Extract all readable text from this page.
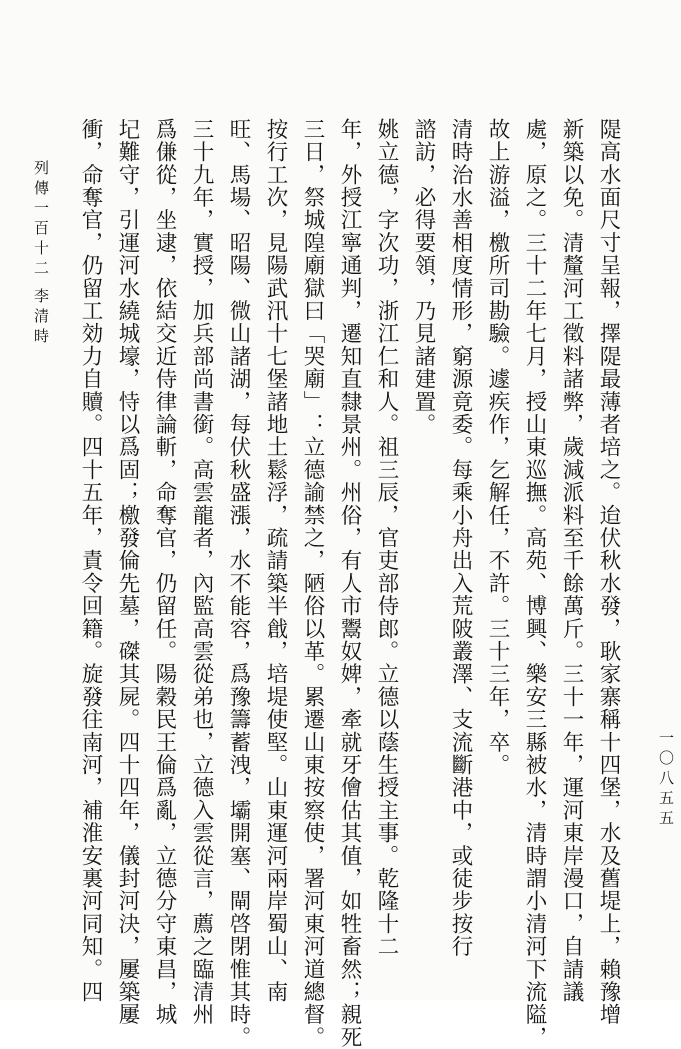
隄高水面尺寸呈報，擇隄最薄者培之。迨伏秋水發，耿家寨稱十四堡，水及舊堤上，賴豫增

新築以免。清釐河工徵料諸弊，歲減派料至千餘萬斤。三十一年，運河東岸漫口，自請議

處，原之。三十二年七月，授山東巡撫。高苑、博興、樂安三縣被水，清時謂小清河下流隘，

故上游溢，檄所司勘驗。遽疾作，乞解任，不許。三十三年，卒。

清時治水善相度情形，窮源竟委。每乘小舟出入荒陂叢澤、支流斷港中，或徒步按行

諮訪，必得要領，乃見諸建置。

姚立德，字次功，浙江仁和人。祖三辰，官吏部侍郎。立德以蔭生授主事。乾隆十二

年，外授江寧通判，遷知直隸景州。州俗，有人市鬻奴婢，牽就牙儈估其值，如牲畜然；親死

三日，祭城隍廟獄曰「哭廟」：立德諭禁之，陋俗以革。累遷山東按察使，署河東河道總督。

按行工次，見陽武汛十七堡諸地土鬆浮，疏請築半戧，培堤使堅。山東運河兩岸蜀山、南

旺、馬場、昭陽、微山諸湖，每伏秋盛漲，水不能容，爲豫籌蓄洩，壩開塞、閘啓閉惟其時。

三十九年，實授，加兵部尚書銜。高雲龍者，內監高雲從弟也，立德入雲從言，薦之臨清州

爲傔從，坐逮，依結交近侍律論斬，命奪官，仍留任。陽穀民王倫爲亂，立德分守東昌，城

圮難守，引運河水繞城壕，恃以爲固；檄發倫先墓，磔其屍。四十四年，儀封河決，屢築屢

衝，命奪官，仍留工効力自贖。四十五年，責令回籍。旋發往南河，補淮安裏河同知。四

列傳一百十二

李清時

一〇八五五
